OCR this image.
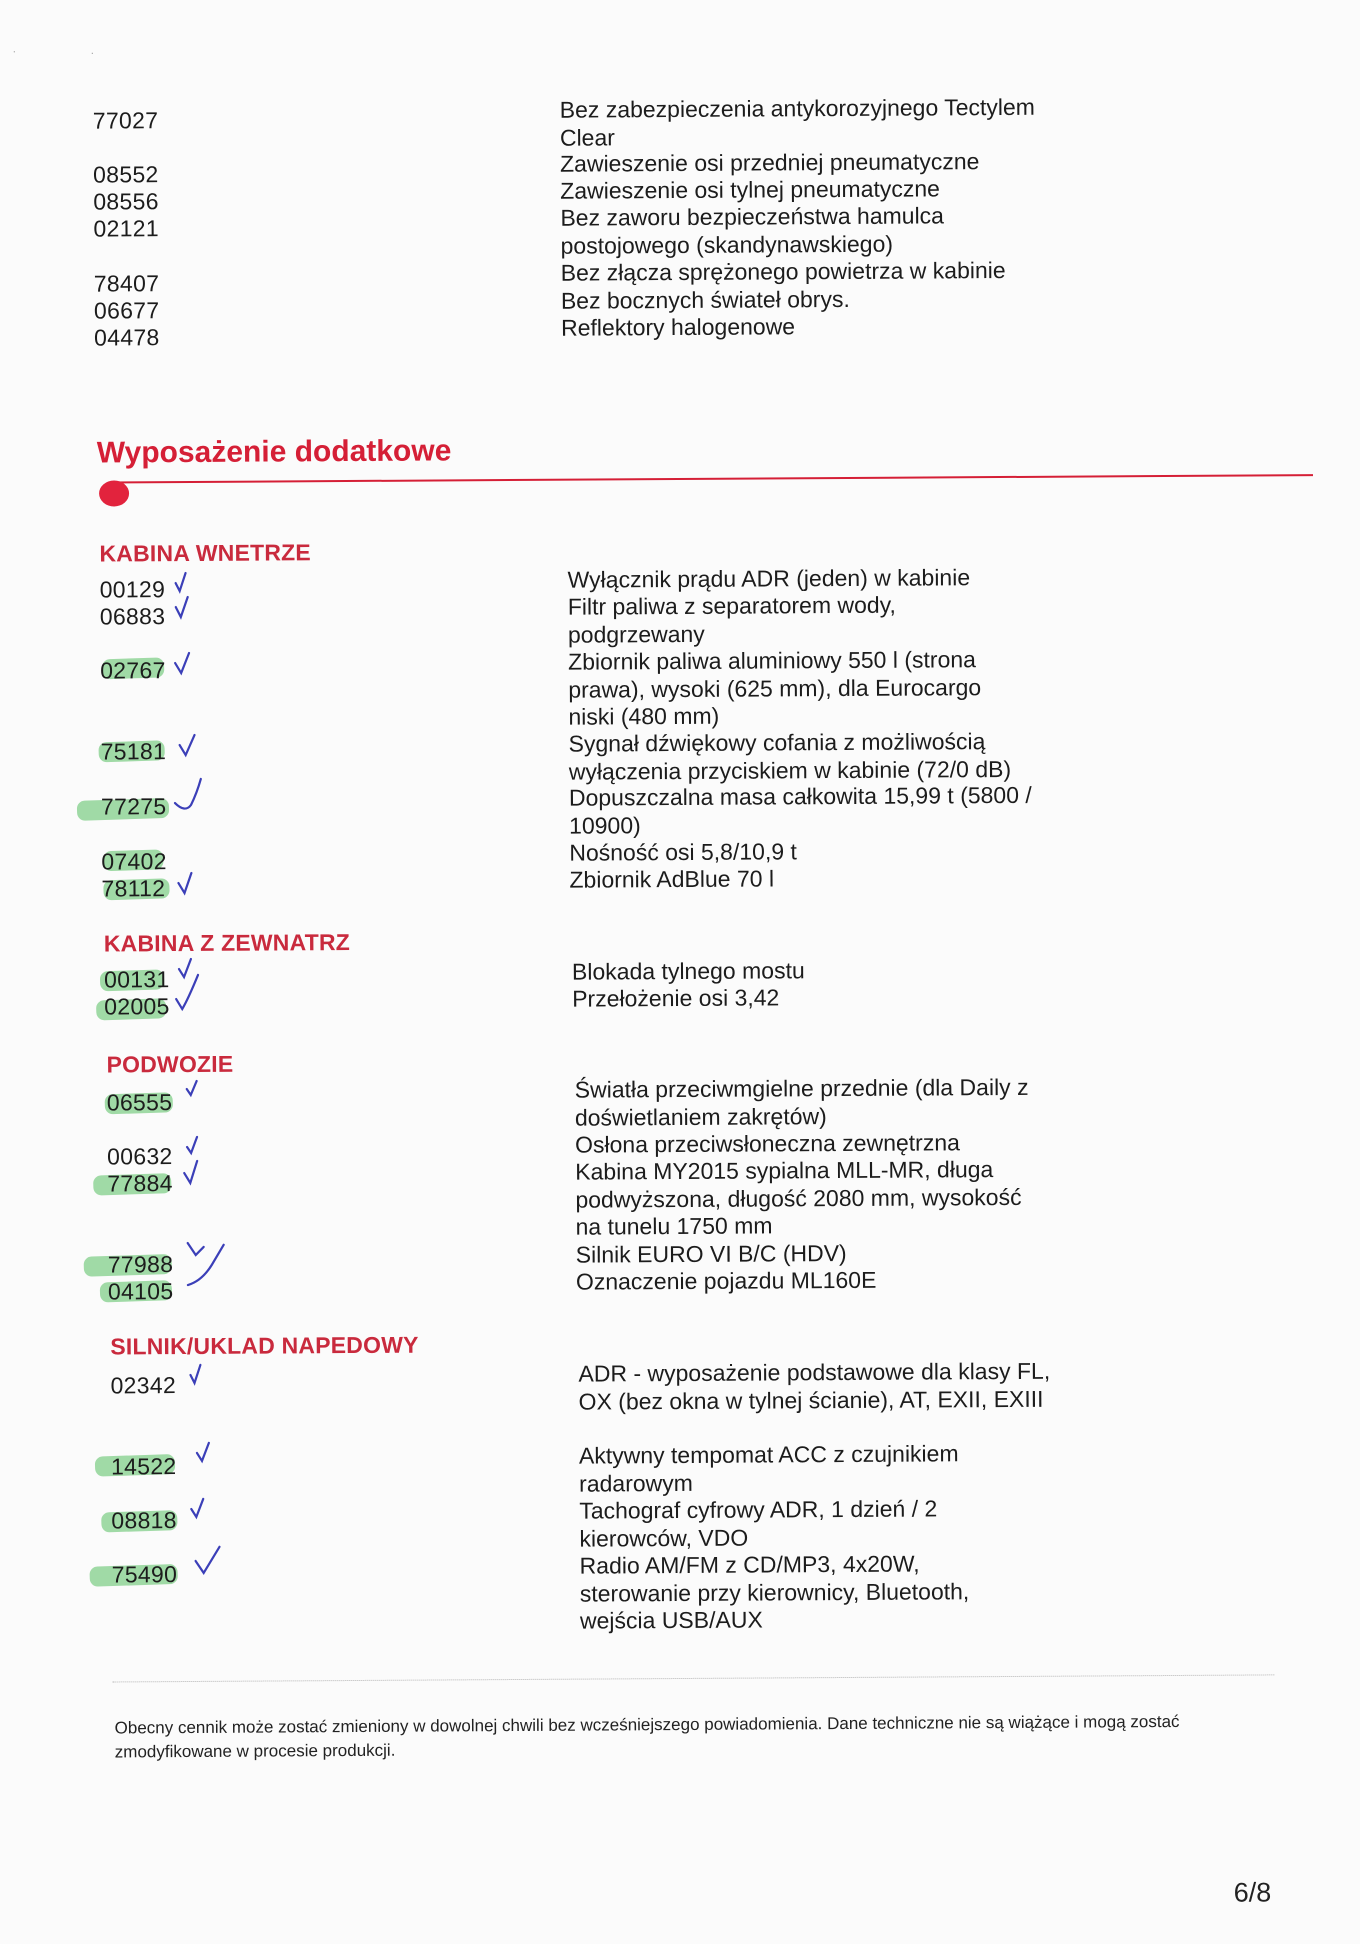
·	·
77027	Bez zabezpieczenia antykorozyjnego Tectylem Clear
08552	Zawieszenie osi przedniej pneumatyczne
08556	Zawieszenie osi tylnej pneumatyczne
02121	Bez zaworu bezpieczeństwa hamulca postojowego (skandynawskiego)
78407	Bez złącza sprężonego powietrza w kabinie
06677	Bez bocznych świateł obrys.
04478	Reflektory halogenowe
Wyposażenie dodatkowe
KABINA WNETRZE
00129	Wyłącznik prądu ADR (jeden) w kabinie
06883	Filtr paliwa z separatorem wody, podgrzewany
02767	Zbiornik paliwa aluminiowy 550 l (strona prawa), wysoki (625 mm), dla Eurocargo niski (480 mm)
75181	Sygnał dźwiękowy cofania z możliwością wyłączenia przyciskiem w kabinie (72/0 dB)
77275	Dopuszczalna masa całkowita 15,99 t (5800 / 10900)
07402	Nośność osi 5,8/10,9 t
78112	Zbiornik AdBlue 70 l
KABINA Z ZEWNATRZ
00131	Blokada tylnego mostu
02005	Przełożenie osi 3,42
PODWOZIE
06555	Światła przeciwmgielne przednie (dla Daily z doświetlaniem zakrętów)
00632	Osłona przeciwsłoneczna zewnętrzna
77884	Kabina MY2015 sypialna MLL-MR, długa podwyższona, długość 2080 mm, wysokość na tunelu 1750 mm
77988	Silnik EURO VI B/C (HDV)
04105	Oznaczenie pojazdu ML160E
SILNIK/UKLAD NAPEDOWY
02342	ADR - wyposażenie podstawowe dla klasy FL, OX (bez okna w tylnej ścianie), AT, EXII, EXIII
14522	Aktywny tempomat ACC z czujnikiem radarowym
08818	Tachograf cyfrowy ADR, 1 dzień / 2 kierowców, VDO
75490	Radio AM/FM z CD/MP3, 4x20W, sterowanie przy kierownicy, Bluetooth, wejścia USB/AUX
Obecny cennik może zostać zmieniony w dowolnej chwili bez wcześniejszego powiadomienia. Dane techniczne nie są wiążące i mogą zostać zmodyfikowane w procesie produkcji.
6/8
